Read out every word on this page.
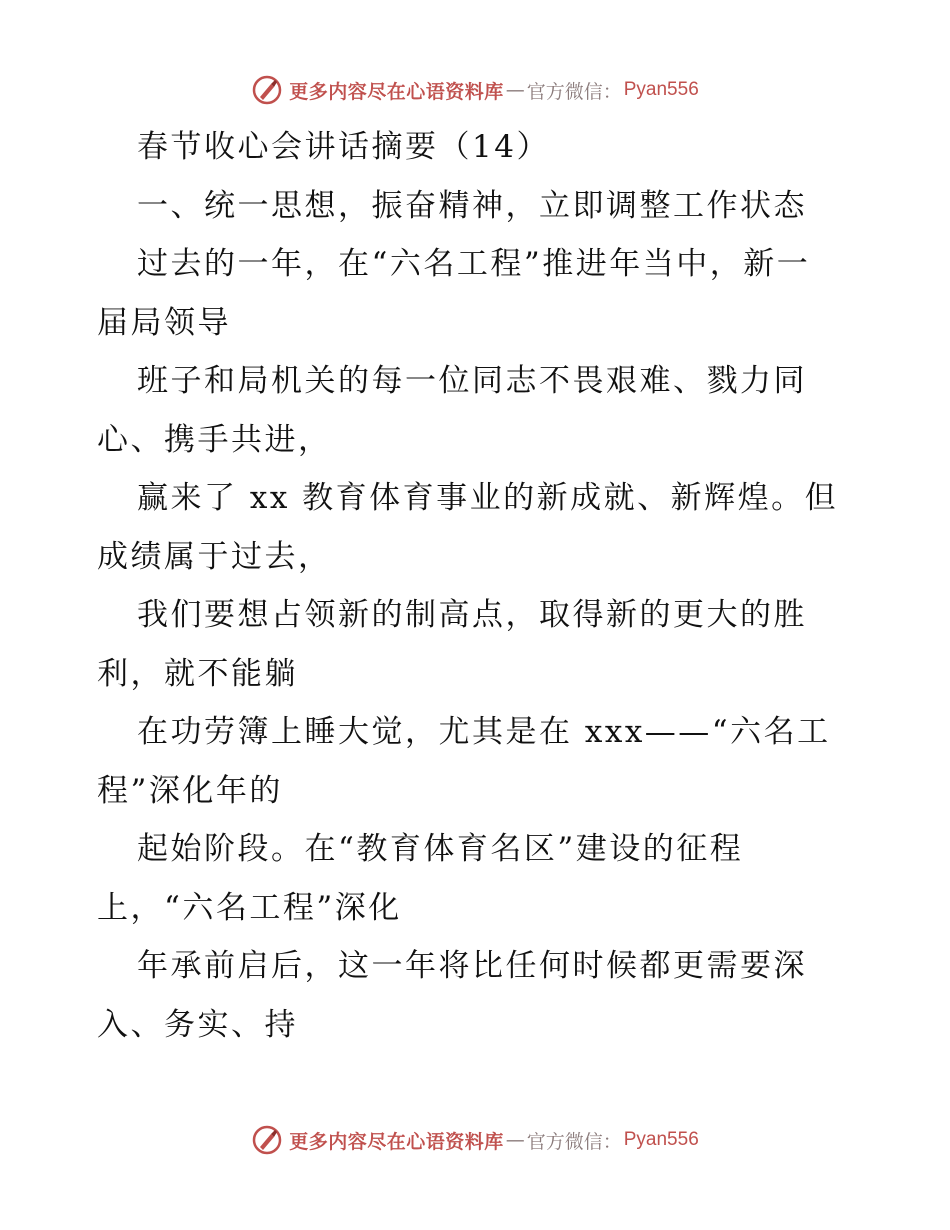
更多内容尽在心语资料库 — 官方微信： Pyan556
春节收心会讲话摘要（14）
一、统一思想，振奋精神，立即调整工作状态
过去的一年，在“六名工程”推进年当中，新一
届局领导
班子和局机关的每一位同志不畏艰难、戮力同
心、携手共进，
赢来了 xx 教育体育事业的新成就、新辉煌。但
成绩属于过去，
我们要想占领新的制高点，取得新的更大的胜
利，就不能躺
在功劳簿上睡大觉，尤其是在 xxx——“六名工
程”深化年的
起始阶段。在“教育体育名区”建设的征程
上，“六名工程”深化
年承前启后，这一年将比任何时候都更需要深
入、务实、持
更多内容尽在心语资料库 — 官方微信： Pyan556
